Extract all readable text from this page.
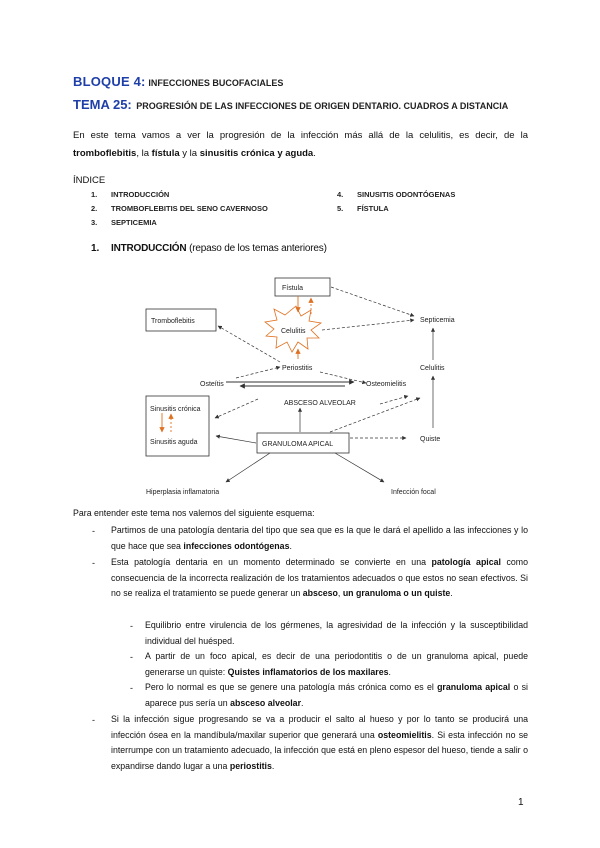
BLOQUE 4: INFECCIONES BUCOFACIALES
TEMA 25: PROGRESIÓN DE LAS INFECCIONES DE ORIGEN DENTARIO. CUADROS A DISTANCIA
En este tema vamos a ver la progresión de la infección más allá de la celulitis, es decir, de la tromboflebitis, la fístula y la sinusitis crónica y aguda.
ÍNDICE
1. INTRODUCCIÓN
2. TROMBOFLEBITIS DEL SENO CAVERNOSO
3. SEPTICEMIA
4. SINUSITIS ODONTÓGENAS
5. FÍSTULA
1. INTRODUCCIÓN (repaso de los temas anteriores)
Fístula
Tromboflebitis
Celulitis
Septicemia
Periostitis	Celulitis
Osteítis	Osteomielitis
ABSCESO ALVEOLAR
Sinusitis crónica
Sinusitis aguda	GRANULOMA APICAL
Quiste
Hiperplasia inflamatoria	Infección focal
Para entender este tema nos valemos del siguiente esquema:
- Partimos de una patología dentaria del tipo que sea que es la que le dará el apellido a las infecciones y lo que hace que sea infecciones odontógenas.
- Esta patología dentaria en un momento determinado se convierte en una patología apical como consecuencia de la incorrecta realización de los tratamientos adecuados o que estos no sean efectivos. Si no se realiza el tratamiento se puede generar un absceso, un granuloma o un quiste.
- Equilibrio entre virulencia de los gérmenes, la agresividad de la infección y la susceptibilidad individual del huésped.
- A partir de un foco apical, es decir de una periodontitis o de un granuloma apical, puede generarse un quiste: Quistes inflamatorios de los maxilares.
- Pero lo normal es que se genere una patología más crónica como es el granuloma apical o si aparece pus sería un absceso alveolar.
- Si la infección sigue progresando se va a producir el salto al hueso y por lo tanto se producirá una infección ósea en la mandíbula/maxilar superior que generará una osteomielitis. Si esta infección no se interrumpe con un tratamiento adecuado, la infección que está en pleno espesor del hueso, tiende a salir o expandirse dando lugar a una periostitis.
1
